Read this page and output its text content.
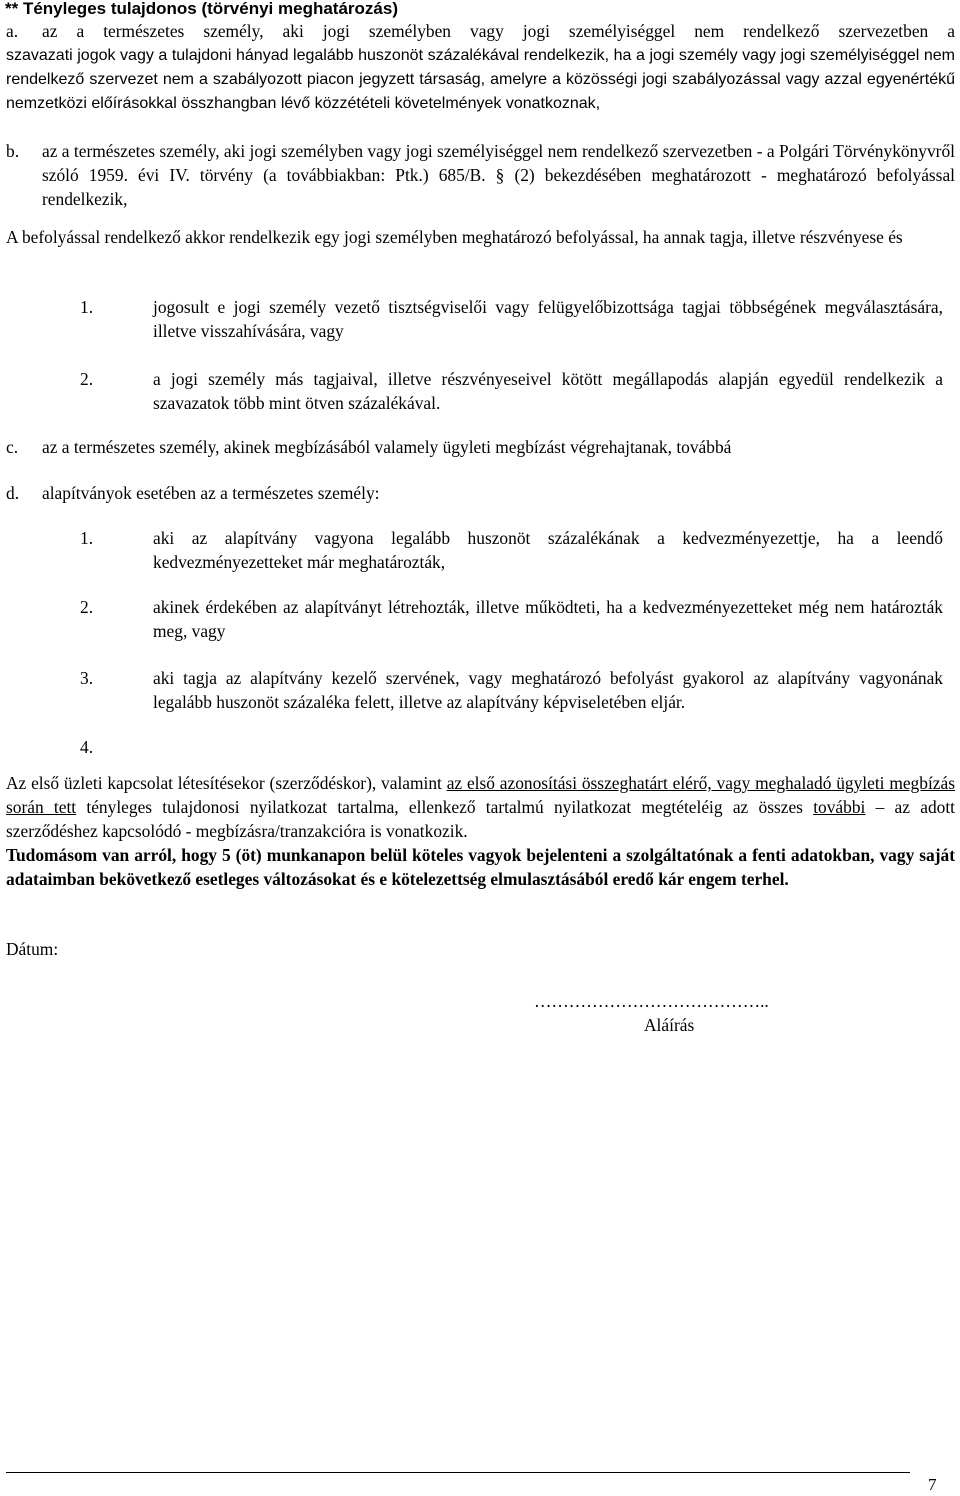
** Tényleges tulajdonos (törvényi meghatározás)
a. az a természetes személy, aki jogi személyben vagy jogi személyiséggel nem rendelkező szervezetben a
szavazati jogok vagy a tulajdoni hányad legalább huszonöt százalékával rendelkezik, ha a jogi személy vagy jogi személyiséggel nem rendelkező szervezet nem a szabályozott piacon jegyzett társaság, amelyre a közösségi jogi szabályozással vagy azzal egyenértékű nemzetközi előírásokkal összhangban lévő közzétételi követelmények vonatkoznak,
b. az a természetes személy, aki jogi személyben vagy jogi személyiséggel nem rendelkező szervezetben - a Polgári Törvénykönyvről szóló 1959. évi IV. törvény (a továbbiakban: Ptk.) 685/B. § (2) bekezdésében meghatározott - meghatározó befolyással rendelkezik,
A befolyással rendelkező akkor rendelkezik egy jogi személyben meghatározó befolyással, ha annak tagja, illetve részvényese és
1.	jogosult e jogi személy vezető tisztségviselői vagy felügyelőbizottsága tagjai többségének megválasztására, illetve visszahívására, vagy
2.	a jogi személy más tagjaival, illetve részvényeseivel kötött megállapodás alapján egyedül rendelkezik a szavazatok több mint ötven százalékával.
c. az a természetes személy, akinek megbízásából valamely ügyleti megbízást végrehajtanak, továbbá
d. alapítványok esetében az a természetes személy:
1.	aki az alapítvány vagyona legalább huszonöt százalékának a kedvezményezettje, ha a leendő kedvezményezetteket már meghatározták,
2.	akinek érdekében az alapítványt létrehozták, illetve működteti, ha a kedvezményezetteket még nem határozták meg, vagy
3.	aki tagja az alapítvány kezelő szervének, vagy meghatározó befolyást gyakorol az alapítvány vagyonának legalább huszonöt százaléka felett, illetve az alapítvány képviseletében eljár.
4.
Az első üzleti kapcsolat létesítésekor (szerződéskor), valamint az első azonosítási összeghatárt elérő, vagy meghaladó ügyleti megbízás során tett tényleges tulajdonosi nyilatkozat tartalma, ellenkező tartalmú nyilatkozat megtételéig az összes további – az adott szerződéshez kapcsolódó - megbízásra/tranzakcióra is vonatkozik.
Tudomásom van arról, hogy 5 (öt) munkanapon belül köteles vagyok bejelenteni a szolgáltatónak a fenti adatokban, vagy saját adataimban bekövetkező esetleges változásokat és e kötelezettség elmulasztásából eredő kár engem terhel.
Dátum:
…………………………………..
Aláírás
7
